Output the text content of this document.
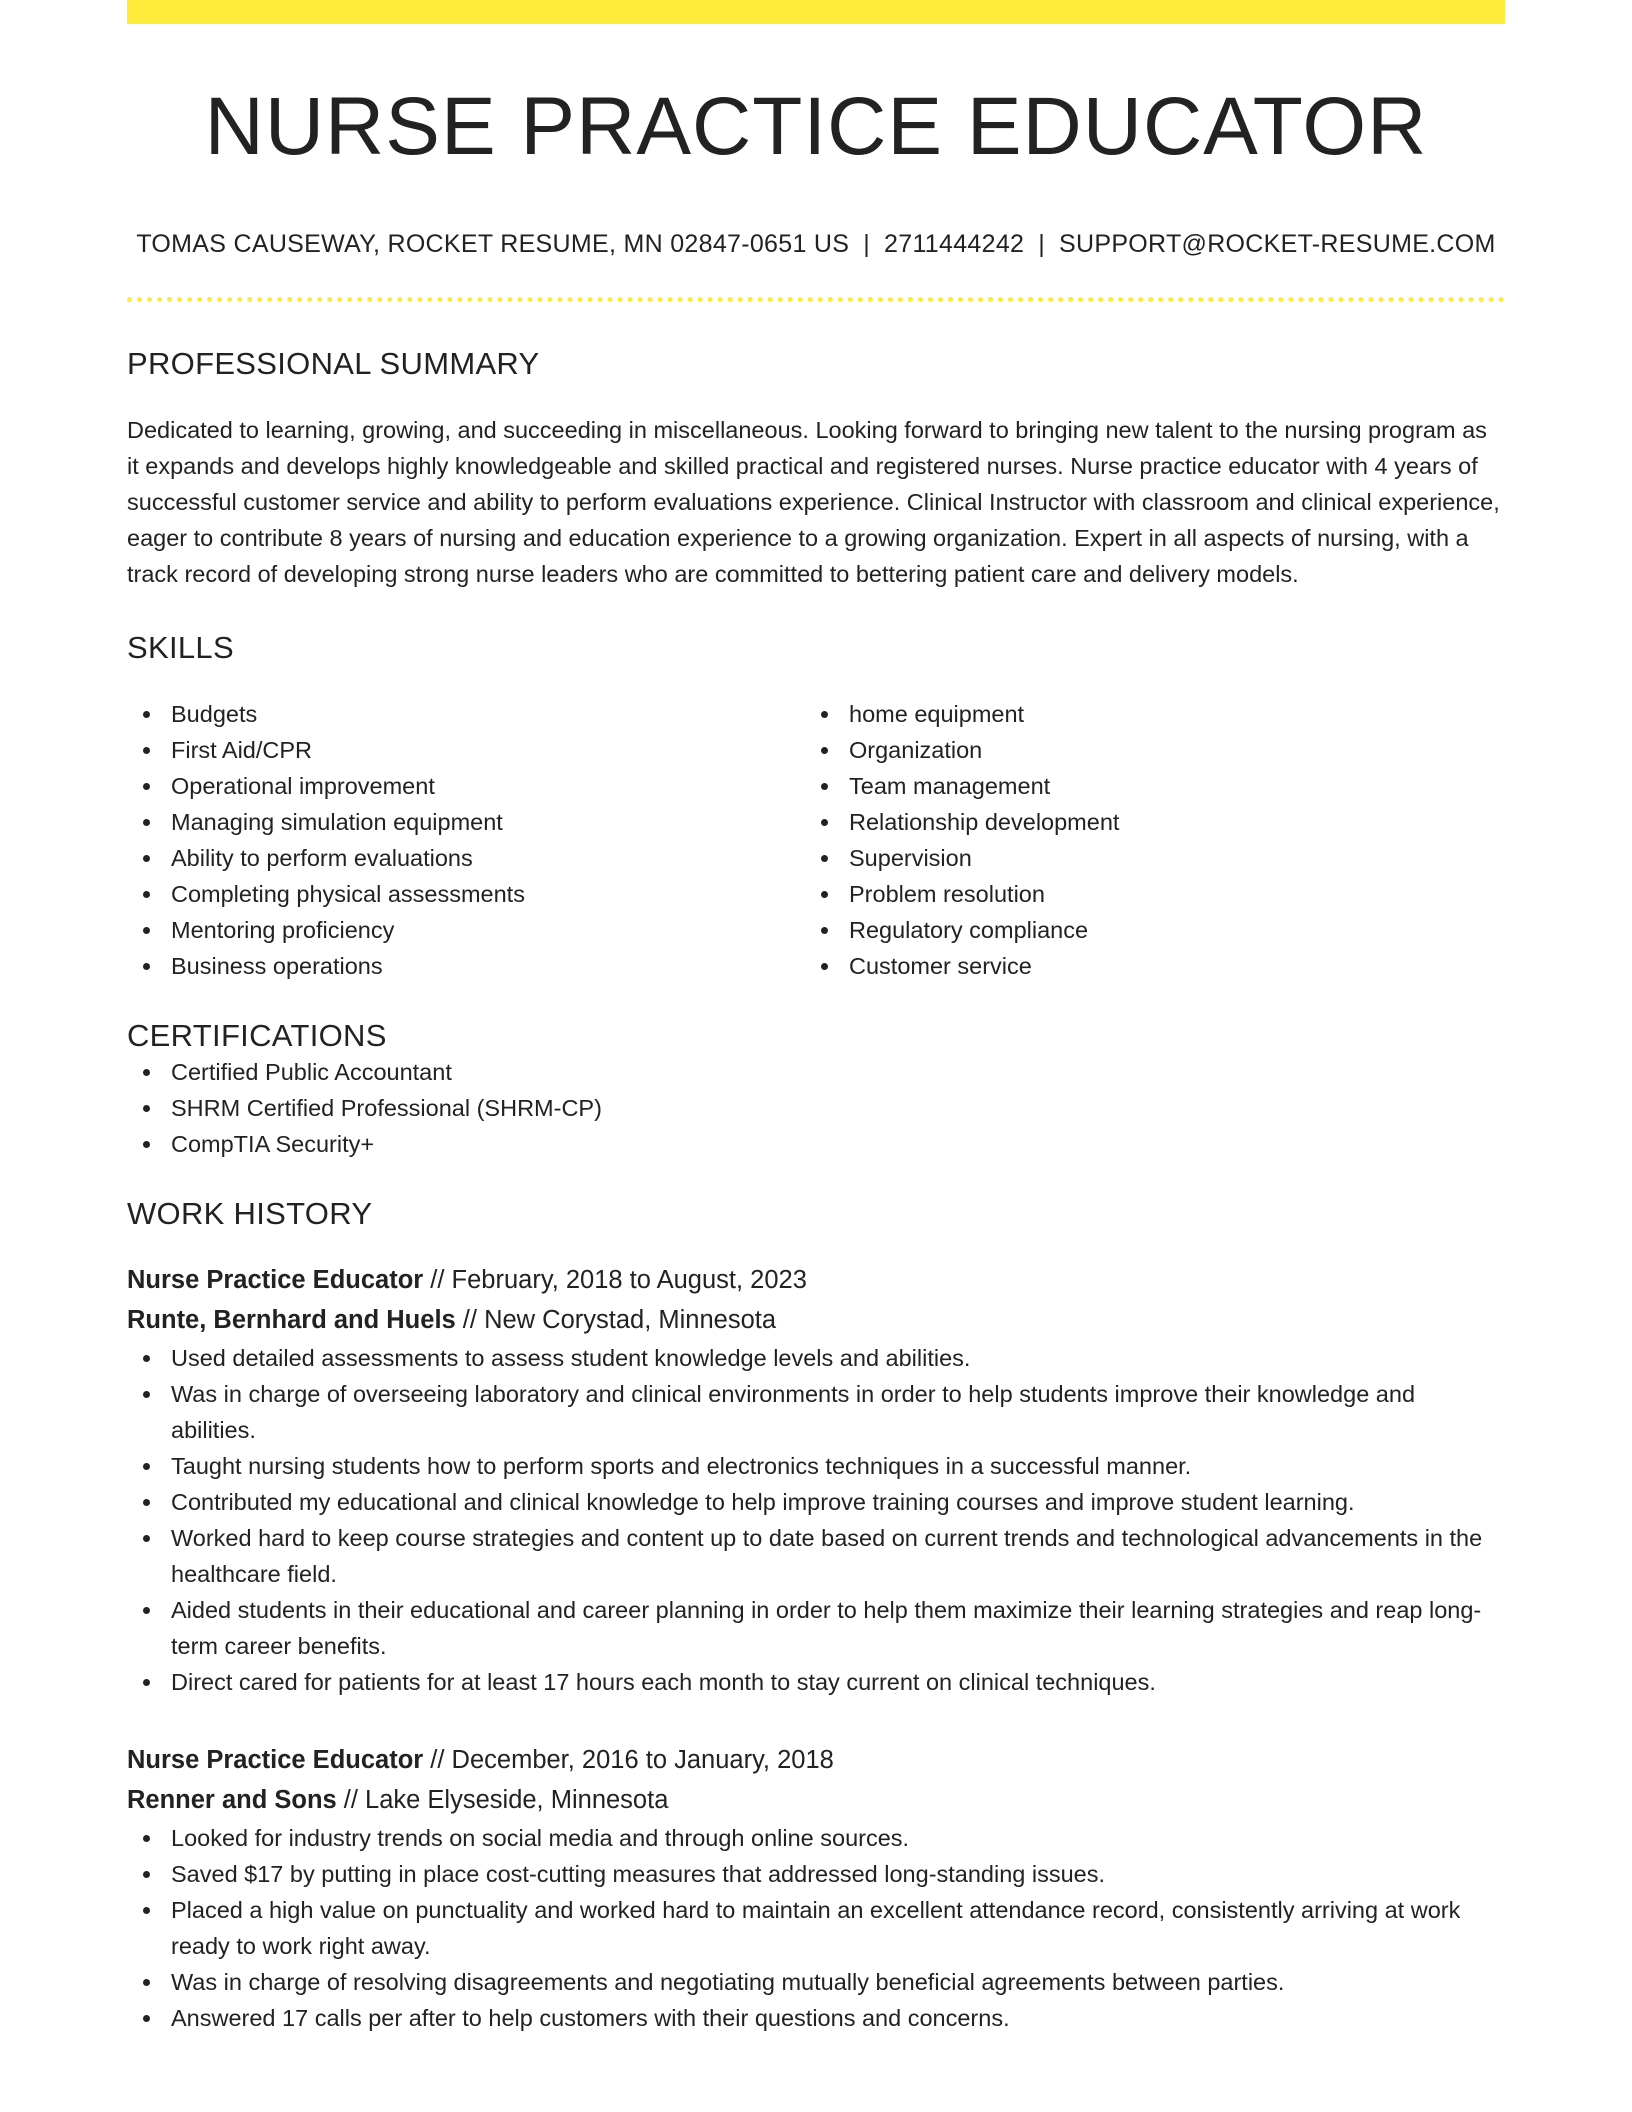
NURSE PRACTICE EDUCATOR
TOMAS CAUSEWAY, ROCKET RESUME, MN 02847-0651 US | 2711444242 | SUPPORT@ROCKET-RESUME.COM
PROFESSIONAL SUMMARY

Dedicated to learning, growing, and succeeding in miscellaneous. Looking forward to bringing new talent to the nursing program as it expands and develops highly knowledgeable and skilled practical and registered nurses. Nurse practice educator with 4 years of successful customer service and ability to perform evaluations experience. Clinical Instructor with classroom and clinical experience, eager to contribute 8 years of nursing and education experience to a growing organization. Expert in all aspects of nursing, with a track record of developing strong nurse leaders who are committed to bettering patient care and delivery models.

SKILLS
Budgets
First Aid/CPR
Operational improvement
Managing simulation equipment
Ability to perform evaluations
Completing physical assessments
Mentoring proficiency
Business operations
home equipment
Organization
Team management
Relationship development
Supervision
Problem resolution
Regulatory compliance
Customer service
CERTIFICATIONS
Certified Public Accountant
SHRM Certified Professional (SHRM-CP)
CompTIA Security+
WORK HISTORY
Nurse Practice Educator // February, 2018 to August, 2023
Runte, Bernhard and Huels // New Corystad, Minnesota
Used detailed assessments to assess student knowledge levels and abilities.
Was in charge of overseeing laboratory and clinical environments in order to help students improve their knowledge and abilities.
Taught nursing students how to perform sports and electronics techniques in a successful manner.
Contributed my educational and clinical knowledge to help improve training courses and improve student learning.
Worked hard to keep course strategies and content up to date based on current trends and technological advancements in the healthcare field.
Aided students in their educational and career planning in order to help them maximize their learning strategies and reap long-term career benefits.
Direct cared for patients for at least 17 hours each month to stay current on clinical techniques.
Nurse Practice Educator // December, 2016 to January, 2018
Renner and Sons // Lake Elyseside, Minnesota
Looked for industry trends on social media and through online sources.
Saved $17 by putting in place cost-cutting measures that addressed long-standing issues.
Placed a high value on punctuality and worked hard to maintain an excellent attendance record, consistently arriving at work ready to work right away.
Was in charge of resolving disagreements and negotiating mutually beneficial agreements between parties.
Answered 17 calls per after to help customers with their questions and concerns.
